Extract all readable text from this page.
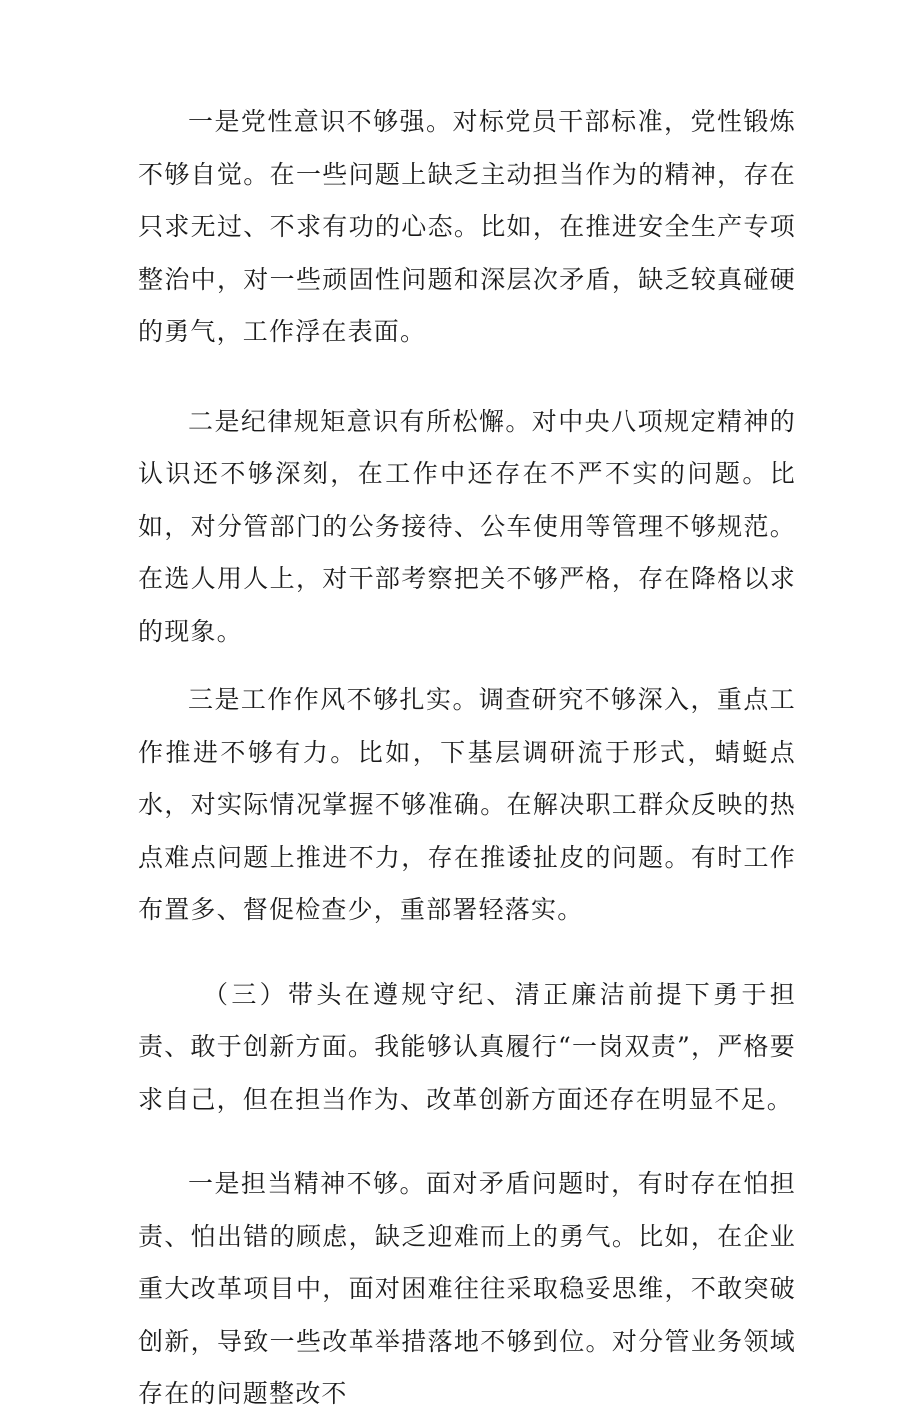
一是党性意识不够强。对标党员干部标准，党性锻炼不够自觉。在一些问题上缺乏主动担当作为的精神，存在只求无过、不求有功的心态。比如，在推进安全生产专项整治中，对一些顽固性问题和深层次矛盾，缺乏较真碰硬的勇气，工作浮在表面。

二是纪律规矩意识有所松懈。对中央八项规定精神的认识还不够深刻，在工作中还存在不严不实的问题。比如，对分管部门的公务接待、公车使用等管理不够规范。在选人用人上，对干部考察把关不够严格，存在降格以求的现象。

三是工作作风不够扎实。调查研究不够深入，重点工作推进不够有力。比如，下基层调研流于形式，蜻蜓点水，对实际情况掌握不够准确。在解决职工群众反映的热点难点问题上推进不力，存在推诿扯皮的问题。有时工作布置多、督促检查少，重部署轻落实。

（三）带头在遵规守纪、清正廉洁前提下勇于担责、敢于创新方面。我能够认真履行“一岗双责”，严格要求自己，但在担当作为、改革创新方面还存在明显不足。

一是担当精神不够。面对矛盾问题时，有时存在怕担责、怕出错的顾虑，缺乏迎难而上的勇气。比如，在企业重大改革项目中，面对困难往往采取稳妥思维，不敢突破创新，导致一些改革举措落地不够到位。对分管业务领域存在的问题整改不
